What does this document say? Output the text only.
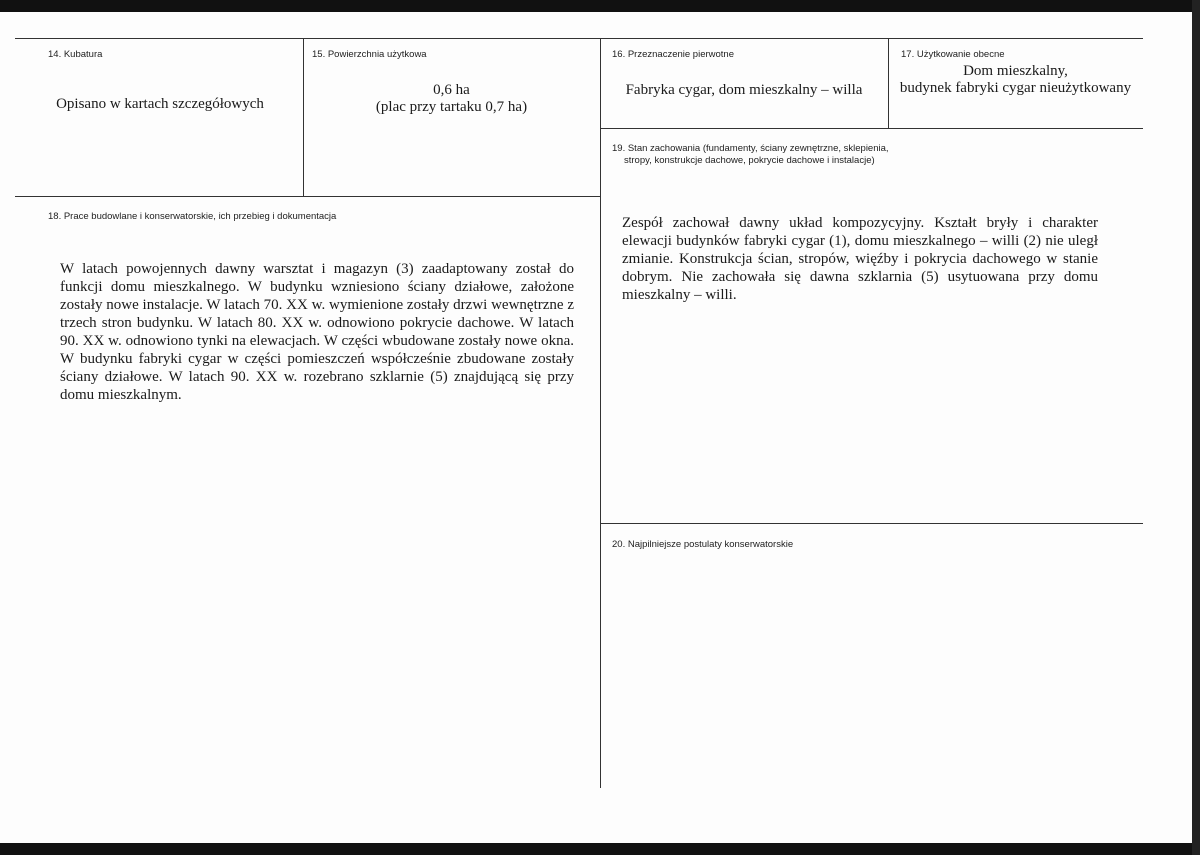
14. Kubatura
Opisano w kartach szczegółowych
15. Powierzchnia użytkowa
0,6 ha
(plac przy tartaku 0,7 ha)
16. Przeznaczenie pierwotne
Fabryka cygar, dom mieszkalny – willa
17. Użytkowanie obecne
Dom mieszkalny,
budynek fabryki cygar nieużytkowany
19. Stan zachowania (fundamenty, ściany zewnętrzne, sklepienia,
stropy, konstrukcje dachowe, pokrycie dachowe i instalacje)

Zespół zachował dawny układ kompozycyjny. Kształt bryły i charakter elewacji budynków fabryki cygar (1), domu mieszkalnego – willi (2) nie uległ zmianie. Konstrukcja ścian, stropów, więźby i pokrycia dachowego w stanie dobrym. Nie zachowała się dawna szklarnia (5) usytuowana przy domu mieszkalny – willi.

18. Prace budowlane i konserwatorskie, ich przebieg i dokumentacja

W latach powojennych dawny warsztat i magazyn (3) zaadaptowany został do funkcji domu mieszkalnego. W budynku wzniesiono ściany działowe, założone zostały nowe instalacje. W latach 70. XX w. wymienione zostały drzwi wewnętrzne z trzech stron budynku. W latach 80. XX w. odnowiono pokrycie dachowe. W latach 90. XX w. odnowiono tynki na elewacjach. W części wbudowane zostały nowe okna. W budynku fabryki cygar w części pomieszczeń współcześnie zbudowane zostały ściany działowe. W latach 90. XX w. rozebrano szklarnie (5) znajdującą się przy domu mieszkalnym.

20. Najpilniejsze postulaty konserwatorskie
